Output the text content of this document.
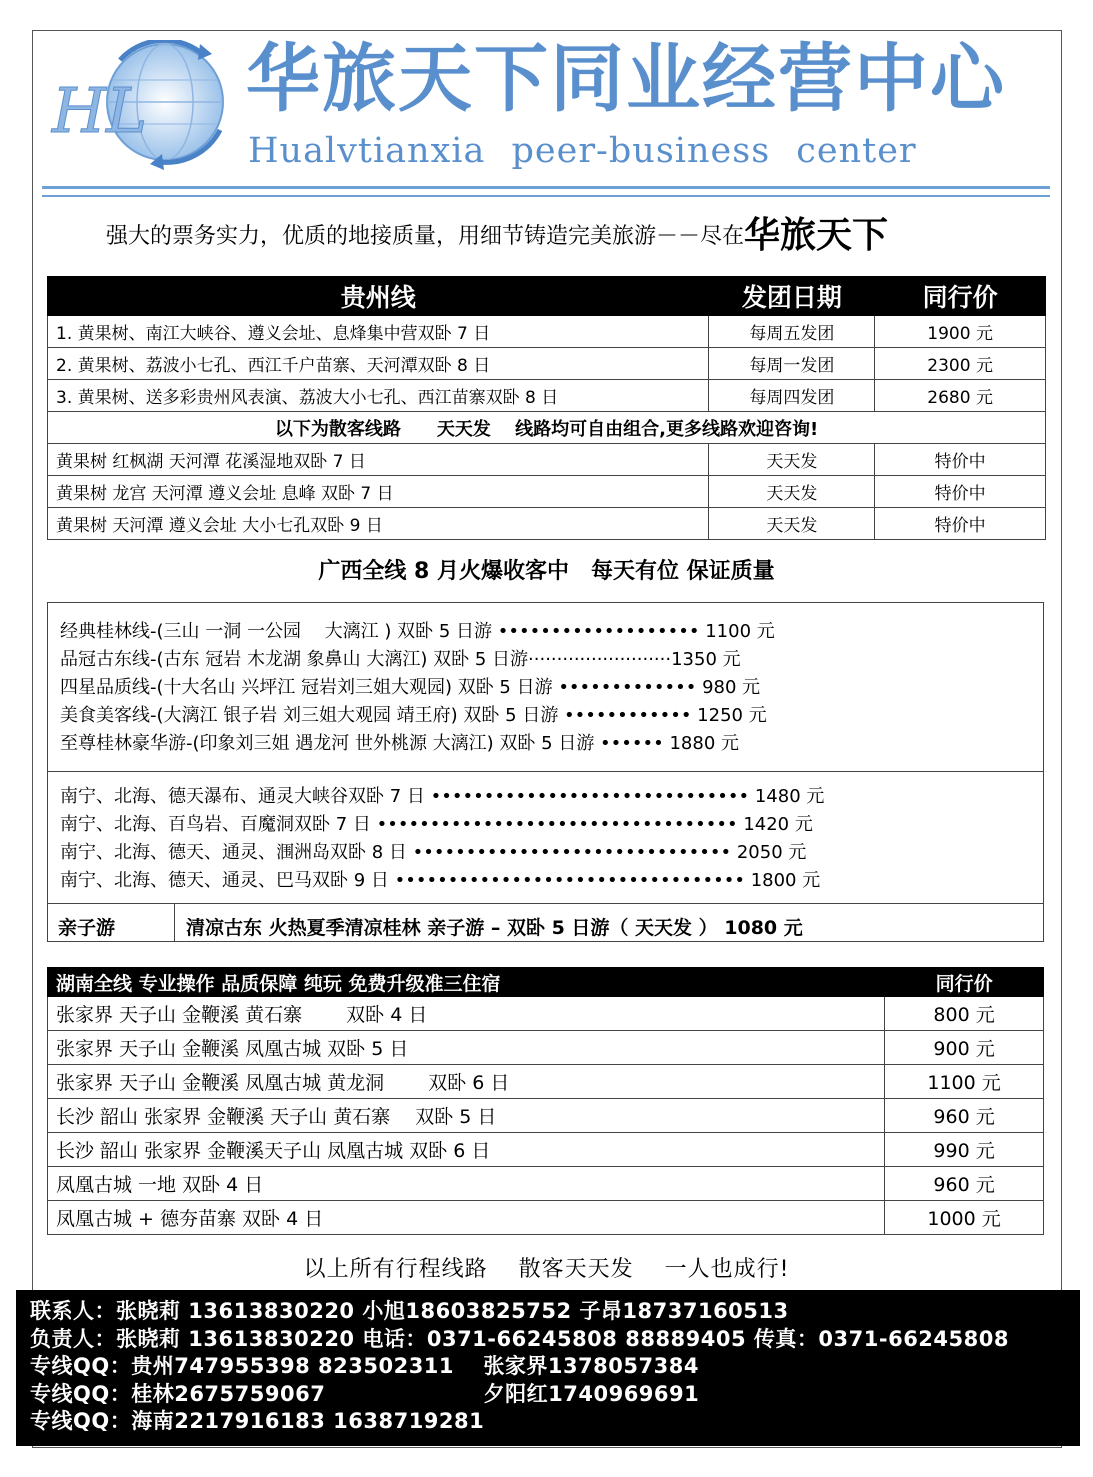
HL 华旅天下同业经营中心
Hualvtianxia peer-business center
强大的票务实力，优质的地接质量，用细节铸造完美旅游－－尽在华旅天下
贵州线	发团日期	同行价
1. 黄果树、南江大峡谷、遵义会址、息烽集中营双卧 7 日	每周五发团	1900 元
2. 黄果树、荔波小七孔、西江千户苗寨、天河潭双卧 8 日	每周一发团	2300 元
3. 黄果树、送多彩贵州风表演、荔波大小七孔、西江苗寨双卧 8 日	每周四发团	2680 元
以下为散客线路　　天天发　 线路均可自由组合,更多线路欢迎咨询!		
黄果树 红枫湖 天河潭 花溪湿地双卧 7 日	天天发	特价中
黄果树 龙宫 天河潭 遵义会址 息峰 双卧 7 日	天天发	特价中
黄果树 天河潭 遵义会址 大小七孔双卧 9 日	天天发	特价中
广西全线 8 月火爆收客中　每天有位 保证质量
经典桂林线-(三山 一洞 一公园　 大漓江 ) 双卧 5 日游 ••••••••••••••••••• 1100 元
品冠古东线-(古东 冠岩 木龙湖 象鼻山 大漓江) 双卧 5 日游·························1350 元
四星品质线-(十大名山 兴坪江 冠岩刘三姐大观园) 双卧 5 日游 ••••••••••••• 980 元
美食美客线-(大漓江 银子岩 刘三姐大观园 靖王府) 双卧 5 日游 •••••••••••• 1250 元
至尊桂林豪华游-(印象刘三姐 遇龙河 世外桃源 大漓江) 双卧 5 日游 •••••• 1880 元
南宁、北海、德天瀑布、通灵大峡谷双卧 7 日 •••••••••••••••••••••••••••••• 1480 元
南宁、北海、百鸟岩、百魔洞双卧 7 日 •••••••••••••••••••••••••••••••••• 1420 元
南宁、北海、德天、通灵、涠洲岛双卧 8 日 •••••••••••••••••••••••••••••• 2050 元
南宁、北海、德天、通灵、巴马双卧 9 日 ••••••••••••••••••••••••••••••••• 1800 元
亲子游	清凉古东 火热夏季清凉桂林 亲子游 – 双卧 5 日游（ 天天发 ） 1080 元
湖南全线 专业操作 品质保障 纯玩 免费升级准三住宿	同行价
张家界 天子山 金鞭溪 黄石寨　　 双卧 4 日	800 元
张家界 天子山 金鞭溪 凤凰古城 双卧 5 日	900 元
张家界 天子山 金鞭溪 凤凰古城 黄龙洞　　 双卧 6 日	1100 元
长沙 韶山 张家界 金鞭溪 天子山 黄石寨　 双卧 5 日	960 元
长沙 韶山 张家界 金鞭溪天子山 凤凰古城 双卧 6 日	990 元
凤凰古城 一地 双卧 4 日	960 元
凤凰古城 + 德夯苗寨 双卧 4 日	1000 元
以上所有行程线路　 散客天天发　 一人也成行!
联系人：张晓莉 13613830220 小旭18603825752 子昂18737160513
负责人：张晓莉 13613830220 电话：0371-66245808 88889405 传真：0371-66245808
专线QQ：贵州747955398 823502311　 张家界1378057384
专线QQ：桂林2675759067　　　　　　　 夕阳红1740969691
专线QQ：海南2217916183 1638719281
